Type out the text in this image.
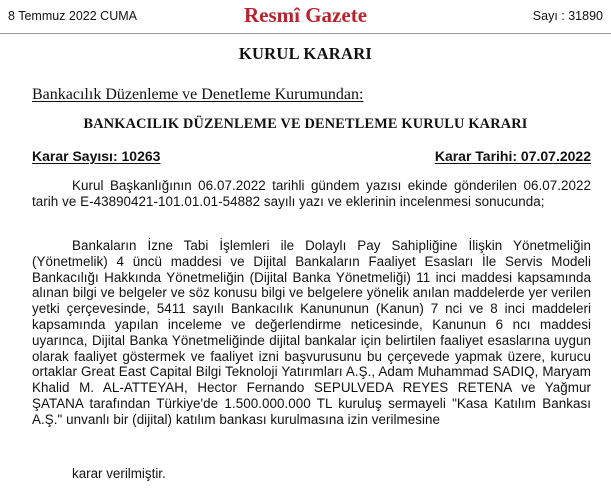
8 Temmuz 2022 CUMA	Resmî Gazete	Sayı : 31890
KURUL KARARI
Bankacılık Düzenleme ve Denetleme Kurumundan:
BANKACILIK DÜZENLEME VE DENETLEME KURULU KARARI
Karar Sayısı: 10263	Karar Tarihi: 07.07.2022

Kurul Başkanlığının 06.07.2022 tarihli gündem yazısı ekinde gönderilen 06.07.2022 tarih ve E-43890421-101.01.01-54882 sayılı yazı ve eklerinin incelenmesi sonucunda;

Bankaların İzne Tabi İşlemleri ile Dolaylı Pay Sahipliğine İlişkin Yönetmeliğin (Yönetmelik) 4 üncü maddesi ve Dijital Bankaların Faaliyet Esasları İle Servis Modeli Bankacılığı Hakkında Yönetmeliğin (Dijital Banka Yönetmeliği) 11 inci maddesi kapsamında alınan bilgi ve belgeler ve söz konusu bilgi ve belgelere yönelik anılan maddelerde yer verilen yetki çerçevesinde, 5411 sayılı Bankacılık Kanununun (Kanun) 7 nci ve 8 inci maddeleri kapsamında yapılan inceleme ve değerlendirme neticesinde, Kanunun 6 ncı maddesi uyarınca, Dijital Banka Yönetmeliğinde dijital bankalar için belirtilen faaliyet esaslarına uygun olarak faaliyet göstermek ve faaliyet izni başvurusunu bu çerçevede yapmak üzere, kurucu ortaklar Great East Capital Bilgi Teknoloji Yatırımları A.Ş., Adam Muhammad SADIQ, Maryam Khalid M. AL-ATTEYAH, Hector Fernando SEPULVEDA REYES RETENA ve Yağmur ŞATANA tarafından Türkiye'de 1.500.000.000 TL kuruluş sermayeli "Kasa Katılım Bankası A.Ş." unvanlı bir (dijital) katılım bankası kurulmasına izin verilmesine

karar verilmiştir.
